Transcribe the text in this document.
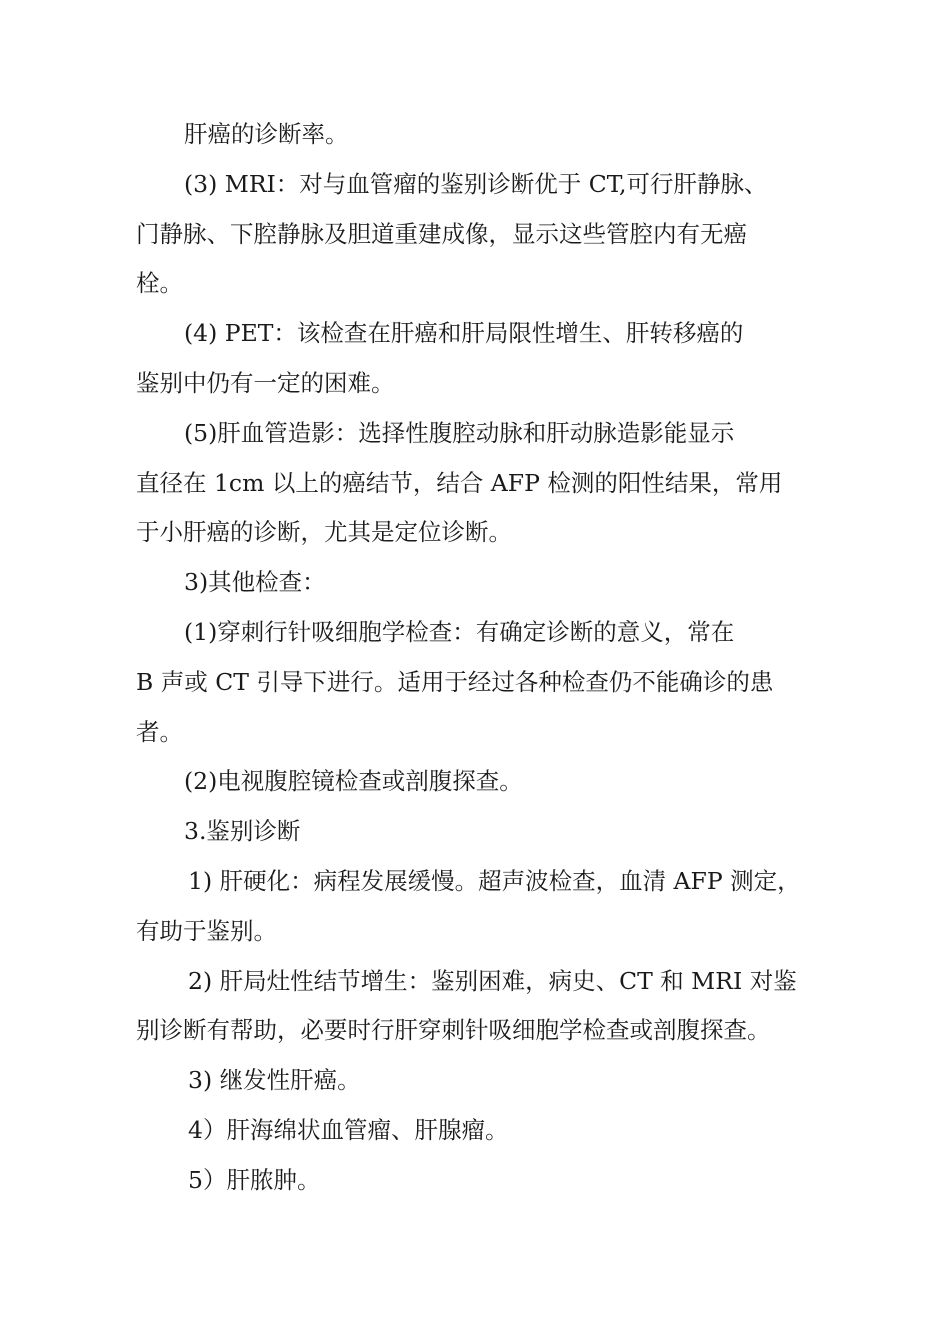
肝癌的诊断率。

(3) MRI：对与血管瘤的鉴别诊断优于 CT,可行肝静脉、

门静脉、下腔静脉及胆道重建成像，显示这些管腔内有无癌

栓。

(4) PET：该检查在肝癌和肝局限性增生、肝转移癌的

鉴别中仍有一定的困难。

(5)肝血管造影：选择性腹腔动脉和肝动脉造影能显示

直径在 1cm 以上的癌结节，结合 AFP 检测的阳性结果，常用

于小肝癌的诊断，尤其是定位诊断。

3)其他检查：

(1)穿刺行针吸细胞学检查：有确定诊断的意义，常在

B 声或 CT 引导下进行。适用于经过各种检查仍不能确诊的患

者。

(2)电视腹腔镜检查或剖腹探查。

3.鉴别诊断

1) 肝硬化：病程发展缓慢。超声波检查，血清 AFP 测定，

有助于鉴别。

2) 肝局灶性结节增生：鉴别困难，病史、CT 和 MRI 对鉴

别诊断有帮助，必要时行肝穿刺针吸细胞学检查或剖腹探查。

3) 继发性肝癌。

4）肝海绵状血管瘤、肝腺瘤。

5）肝脓肿。
